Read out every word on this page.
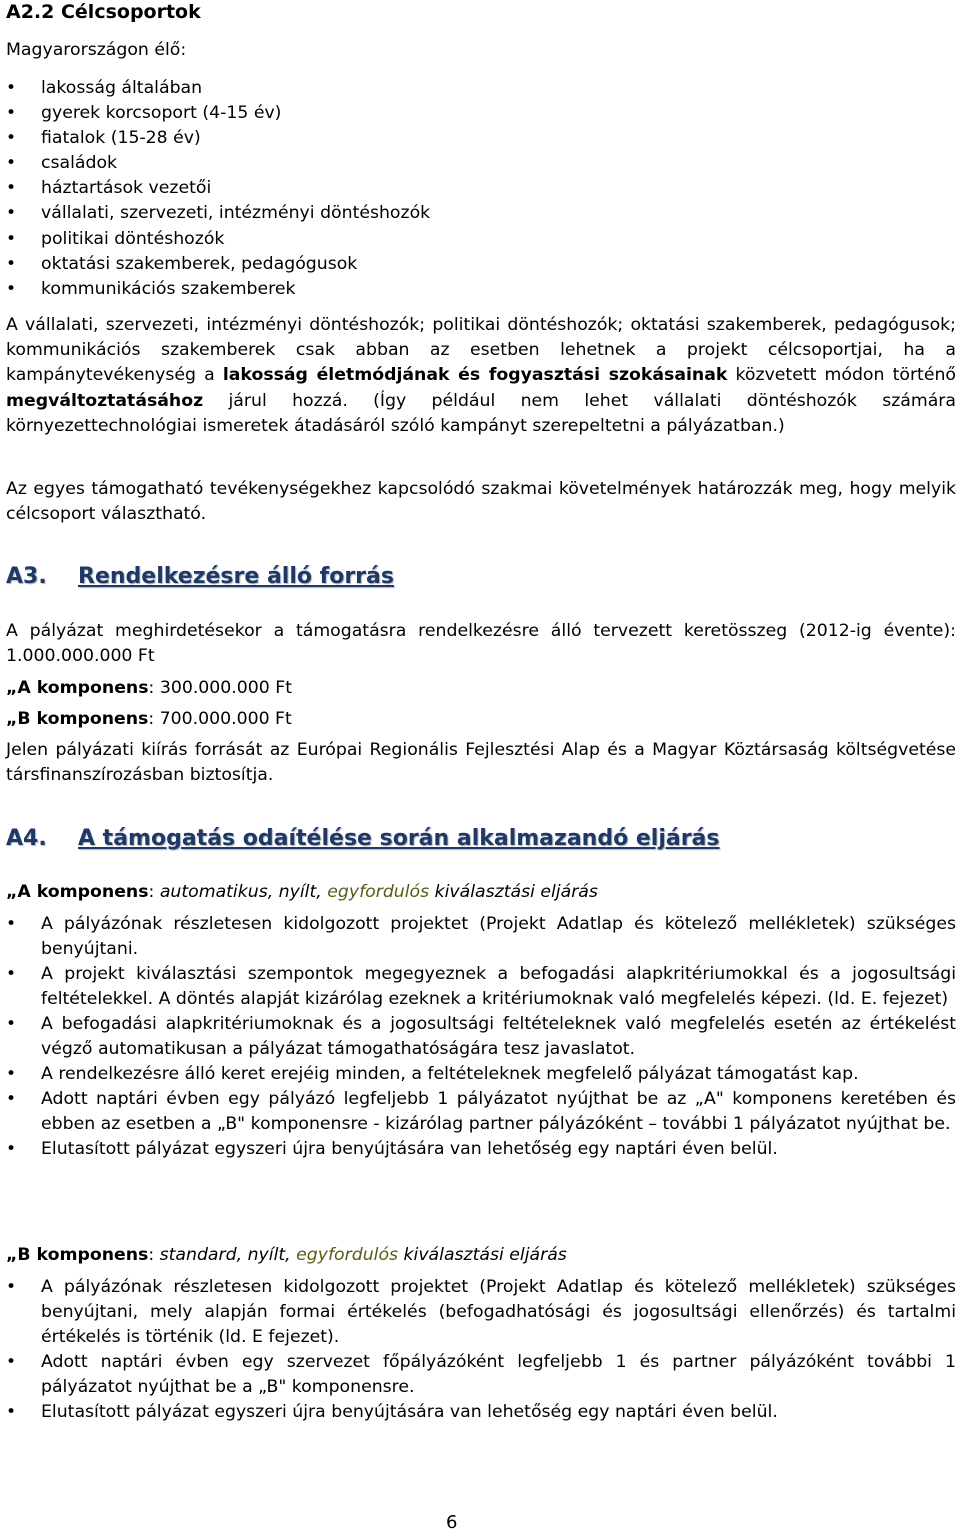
A2.2 Célcsoportok
Magyarországon élő:
• lakosság általában
• gyerek korcsoport (4-15 év)
• fiatalok (15-28 év)
• családok
• háztartások vezetői
• vállalati, szervezeti, intézményi döntéshozók
• politikai döntéshozók
• oktatási szakemberek, pedagógusok
• kommunikációs szakemberek

A vállalati, szervezeti, intézményi döntéshozók; politikai döntéshozók; oktatási szakemberek, pedagógusok; kommunikációs szakemberek csak abban az esetben lehetnek a projekt célcsoportjai, ha a kampánytevékenység a lakosság életmódjának és fogyasztási szokásainak közvetett módon történő megváltoztatásához járul hozzá. (Így például nem lehet vállalati döntéshozók számára környezettechnológiai ismeretek átadásáról szóló kampányt szerepeltetni a pályázatban.)

Az egyes támogatható tevékenységekhez kapcsolódó szakmai követelmények határozzák meg, hogy melyik célcsoport választható.

A3. Rendelkezésre álló forrás

A pályázat meghirdetésekor a támogatásra rendelkezésre álló tervezett keretösszeg (2012-ig évente): 1.000.000.000 Ft

„A komponens: 300.000.000 Ft
„B komponens: 700.000.000 Ft

Jelen pályázati kiírás forrását az Európai Regionális Fejlesztési Alap és a Magyar Köztársaság költségvetése társfinanszírozásban biztosítja.

A4. A támogatás odaítélése során alkalmazandó eljárás
„A komponens: automatikus, nyílt, egyfordulós kiválasztási eljárás
• A pályázónak részletesen kidolgozott projektet (Projekt Adatlap és kötelező mellékletek) szükséges benyújtani.
• A projekt kiválasztási szempontok megegyeznek a befogadási alapkritériumokkal és a jogosultsági feltételekkel. A döntés alapját kizárólag ezeknek a kritériumoknak való megfelelés képezi. (ld. E. fejezet)
• A befogadási alapkritériumoknak és a jogosultsági feltételeknek való megfelelés esetén az értékelést végző automatikusan a pályázat támogathatóságára tesz javaslatot.
• A rendelkezésre álló keret erejéig minden, a feltételeknek megfelelő pályázat támogatást kap.
• Adott naptári évben egy pályázó legfeljebb 1 pályázatot nyújthat be az „A" komponens keretében és ebben az esetben a „B" komponensre - kizárólag partner pályázóként – további 1 pályázatot nyújthat be.
• Elutasított pályázat egyszeri újra benyújtására van lehetőség egy naptári éven belül.
„B komponens: standard, nyílt, egyfordulós kiválasztási eljárás
• A pályázónak részletesen kidolgozott projektet (Projekt Adatlap és kötelező mellékletek) szükséges benyújtani, mely alapján formai értékelés (befogadhatósági és jogosultsági ellenőrzés) és tartalmi értékelés is történik (ld. E fejezet).
• Adott naptári évben egy szervezet főpályázóként legfeljebb 1 és partner pályázóként további 1 pályázatot nyújthat be a „B" komponensre.
• Elutasított pályázat egyszeri újra benyújtására van lehetőség egy naptári éven belül.
6
